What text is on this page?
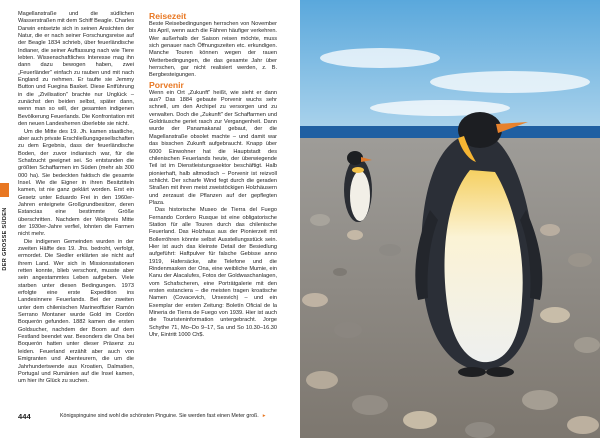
DER GROSSE SÜDEN

Magellanstraße und die südlichen Wasserstraßen mit dem Schiff Beagle. Charles Darwin entsetzte sich in seinen Ansichten der Natur, die er nach seiner Forschungsreise auf der Beagle 1834 schrieb, über feuerländische Indianer, die seiner Auffassung nach wie Tiere lebten. Wissenschaftliches Interesse mag ihn dann dazu bewogen haben, zwei „Feuerländer" einfach zu rauben und mit nach England zu nehmen. Er taufte sie Jemmy Button und Fuegina Basket. Diese Entführung in die „Zivilisation" brachte nur Unglück – zunächst den beiden selbst, später dann, wenn man so will, der gesamten indigenen Bevölkerung Feuerlands. Die Konfrontation mit den neuen Landesherren überlebte sie nicht.

Um die Mitte des 19. Jh. kamen staatliche, aber auch private Erschließungsgesellschaften zu dem Ergebnis, dass der feuerländische Boden, der zuvor indianisch war, für die Schafzucht geeignet sei. So entstanden die größten Schaffarmen im Süden (mehr als 300 000 ha). Sie bedeckten faktisch die gesamte Insel. Wie die Eigner in ihren Besitztiteln kamen, ist nie ganz geklärt worden. Erst ein Gesetz unter Eduardo Frei in den 1960er-Jahren enteignete Großgrundbesitzer, deren Estancias eine bestimmte Größe überschritten. Nachdem der Wollpreis Mitte der 1930er-Jahre verfiel, lohnten die Farmen nicht mehr.

Die indigenen Gemeinden wurden in der zweiten Hälfte des 19. Jhs. bedroht, verfolgt, ermordet. Die Siedler erklärten sie nicht auf ihrem Land. Wer sich in Missionsstationen retten konnte, blieb verschont, musste aber sein angestammtes Leben aufgeben. Viele starben unter diesen Bedingungen. 1973 erfolgte eine erste Expedition ins Landesinnere Feuerlands. Bei der zweiten unter dem chilenischen Marineoffizier Ramón Serrano Montaner wurde Gold im Cordón Boquerón gefunden. 1882 kamen die ersten Goldsucher, nachdem der Boom auf dem Festland beendet war. Besonders die Ona bei Boquerón hatten unter dieser Präsenz zu leiden. Feuerland erzählt aber auch von Emigranten und Abenteurern, die um die Jahrhundertwende aus Kroatien, Dalmatien, Portugal und Rumänien auf die Insel kamen, um hier ihr Glück zu suchen.

Reisezeit

Beste Reisebedingungen herrschen von November bis April, wenn auch die Fähren häufiger verkehren. Wer außerhalb der Saison reisen möchte, muss sich genauer nach Öffnungszeiten etc. erkundigen. Manche Touren können wegen der rauen Wetterbedingungen, die das gesamte Jahr über herrschen, gar nicht realisiert werden, z. B. Bergbesteigungen.

Porvenir

Wenn ein Ort „Zukunft" heißt, wie sieht er dann aus? Das 1884 gebaute Porvenir wuchs sehr schnell, um den Archipel zu versorgen und zu verwalten. Doch die „Zukunft" der Schaffarmen und Goldräusche geriet rasch zur Vergangenheit. Dann wurde der Panamakanal gebaut, der die Magellanstraße obsolet machte – und damit war das bisschen Zukunft aufgebraucht. Knapp über 6000 Einwohner hat die Hauptstadt des chilenischen Feuerlands heute, der überwiegende Teil ist im Dienstleistungssektor beschäftigt. Halb pionierhaft, halb altmodisch – Porvenir ist reizvoll schlicht. Der scharfe Wind fegt durch die geraden Straßen mit ihren meist zweistöckigen Holzhäusern und zerzaust die Pflanzen auf der gepflegten Plaza.

Das historische Museo de Tierra del Fuego Fernando Cordero Rusque ist eine obligatorische Station für alle Touren durch das chilenische Feuerland. Das Holzhaus aus der Pionierzeit mit Bollerröhren könnte selbst Ausstellungsstück sein. Hier ist auch das kleinste Detail der Besiedlung aufgeführt: Haftpulver für falsche Gebisse anno 1919, Hafersäcke, alte Telefone und die Rindenmasken der Ona, eine weibliche Mumie, ein Kanu der Alacalufes, Fotos der Goldwaschanlagen, vom Schafscheren, eine Porträtgalerie mit den ersten estanciera – die meisten tragen kroatische Namen (Covacevich, Ursesvich) – und ein Exemplar der ersten Zeitung: Boletín Oficial de la Mineria de Tierra de Fuego von 1939. Hier ist auch die Touristeninformation untergebracht. Jorge Schythe 71, Mo–Do 9–17, Sa und So 10.30–16.30 Uhr, Eintritt 1000 Ch$.

444	Königspinguine sind wohl die schönsten Pinguine. Sie werden fast einen Meter groß. ▸
